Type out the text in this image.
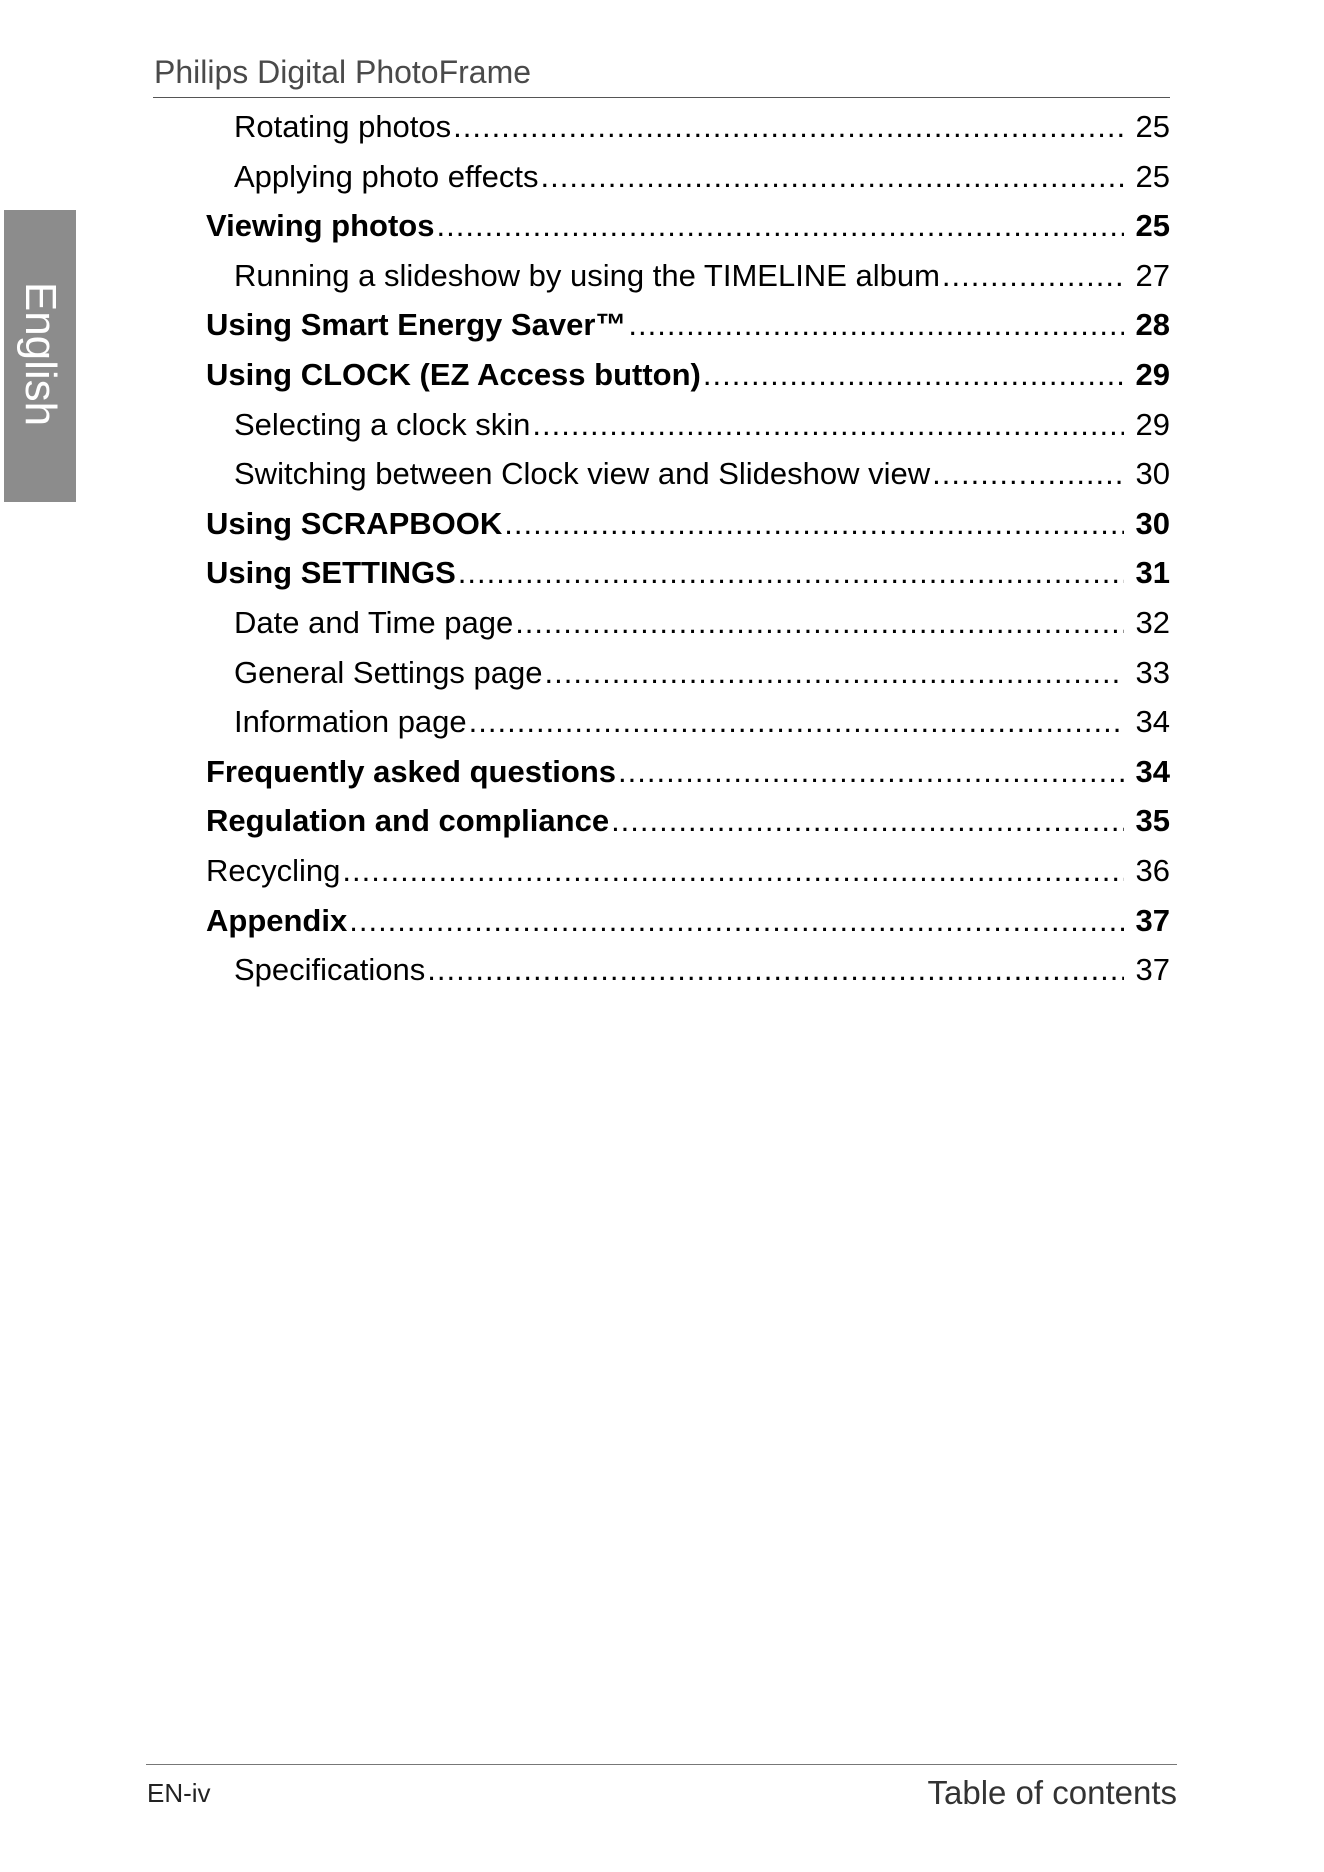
Philips Digital PhotoFrame
English
Rotating photos .....	25
Applying photo effects .....	25
Viewing photos .....	25
Running a slideshow by using the TIMELINE album .....	27
Using Smart Energy Saver™ .....	28
Using CLOCK (EZ Access button) .....	29
Selecting a clock skin .....	29
Switching between Clock view and Slideshow view .....	30
Using SCRAPBOOK .....	30
Using SETTINGS .....	31
Date and Time page .....	32
General Settings page .....	33
Information page .....	34
Frequently asked questions .....	34
Regulation and compliance .....	35
Recycling .....	36
Appendix .....	37
Specifications .....	37
EN-iv	Table of contents
